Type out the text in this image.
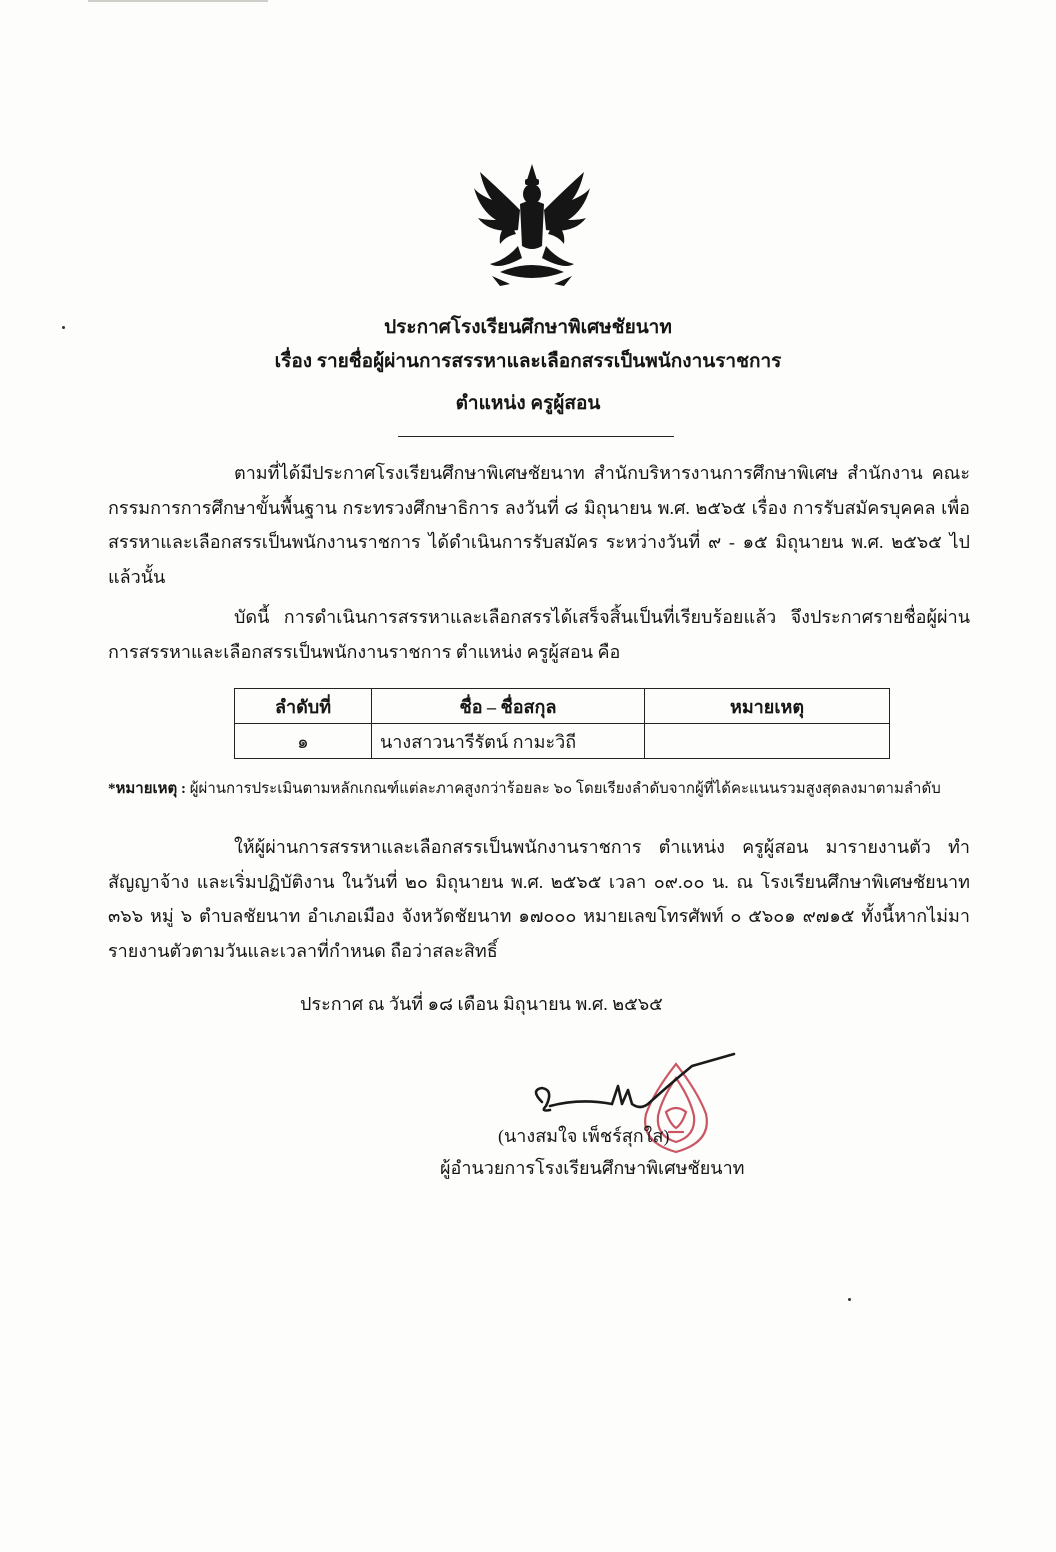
ประกาศโรงเรียนศึกษาพิเศษชัยนาท
เรื่อง รายชื่อผู้ผ่านการสรรหาและเลือกสรรเป็นพนักงานราชการ
ตำแหน่ง ครูผู้สอน
ตามที่ได้มีประกาศโรงเรียนศึกษาพิเศษชัยนาท สำนักบริหารงานการศึกษาพิเศษ สำนักงาน คณะกรรมการการศึกษาขั้นพื้นฐาน กระทรวงศึกษาธิการ ลงวันที่ ๘ มิถุนายน พ.ศ. ๒๕๖๕ เรื่อง การรับสมัครบุคคล เพื่อสรรหาและเลือกสรรเป็นพนักงานราชการ ได้ดำเนินการรับสมัคร ระหว่างวันที่ ๙ - ๑๕ มิถุนายน พ.ศ. ๒๕๖๕ ไปแล้วนั้น
บัดนี้ การดำเนินการสรรหาและเลือกสรรได้เสร็จสิ้นเป็นที่เรียบร้อยแล้ว จึงประกาศรายชื่อผู้ผ่าน การสรรหาและเลือกสรรเป็นพนักงานราชการ ตำแหน่ง ครูผู้สอน คือ
ลำดับที่	ชื่อ – ชื่อสกุล	หมายเหตุ
๑	นางสาวนารีรัตน์ กามะวิถี	
*หมายเหตุ : ผู้ผ่านการประเมินตามหลักเกณฑ์แต่ละภาคสูงกว่าร้อยละ ๖๐ โดยเรียงลำดับจากผู้ที่ได้คะแนนรวมสูงสุดลงมาตามลำดับ
ให้ผู้ผ่านการสรรหาและเลือกสรรเป็นพนักงานราชการ ตำแหน่ง ครูผู้สอน มารายงานตัว ทำสัญญาจ้าง และเริ่มปฏิบัติงาน ในวันที่ ๒๐ มิถุนายน พ.ศ. ๒๕๖๕ เวลา ๐๙.๐๐ น. ณ โรงเรียนศึกษาพิเศษชัยนาท ๓๖๖ หมู่ ๖ ตำบลชัยนาท อำเภอเมือง จังหวัดชัยนาท ๑๗๐๐๐ หมายเลขโทรศัพท์ ๐ ๕๖๐๑ ๙๗๑๕ ทั้งนี้หากไม่มารายงานตัวตามวันและเวลาที่กำหนด ถือว่าสละสิทธิ์
ประกาศ ณ วันที่ ๑๘ เดือน มิถุนายน พ.ศ. ๒๕๖๕
(นางสมใจ เพ็ชร์สุกใส)
ผู้อำนวยการโรงเรียนศึกษาพิเศษชัยนาท
